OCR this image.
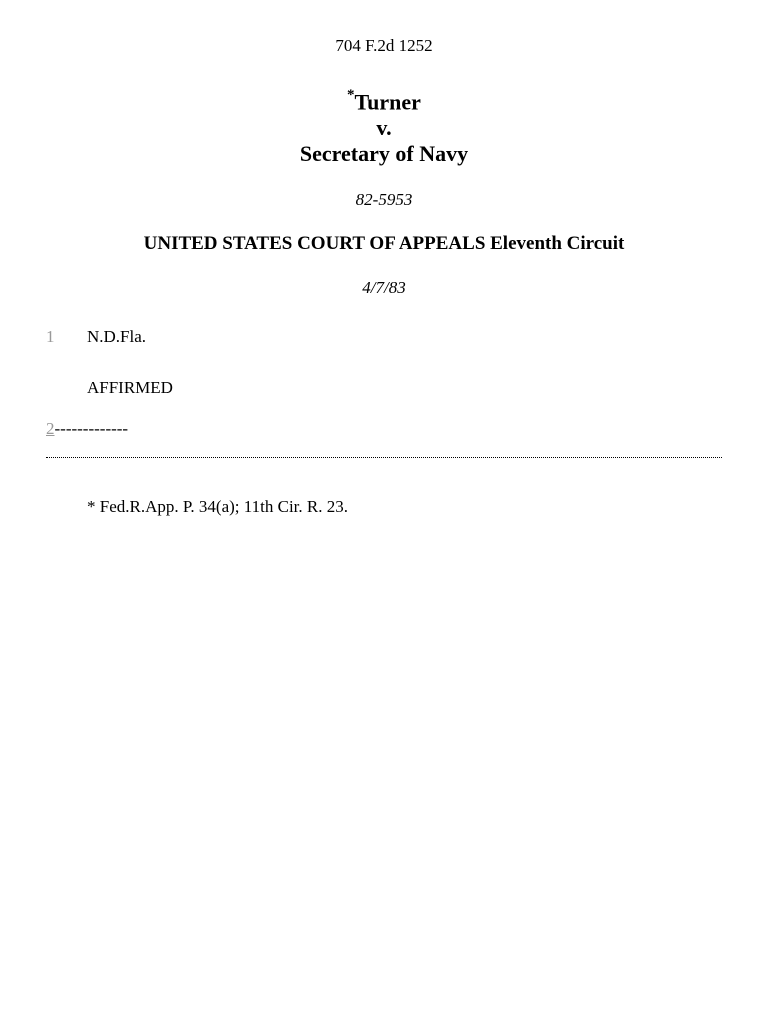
704 F.2d 1252
*Turner
v.
Secretary of Navy
82-5953
UNITED STATES COURT OF APPEALS Eleventh Circuit
4/7/83
1 N.D.Fla.
AFFIRMED
2-------------
* Fed.R.App. P. 34(a); 11th Cir. R. 23.
